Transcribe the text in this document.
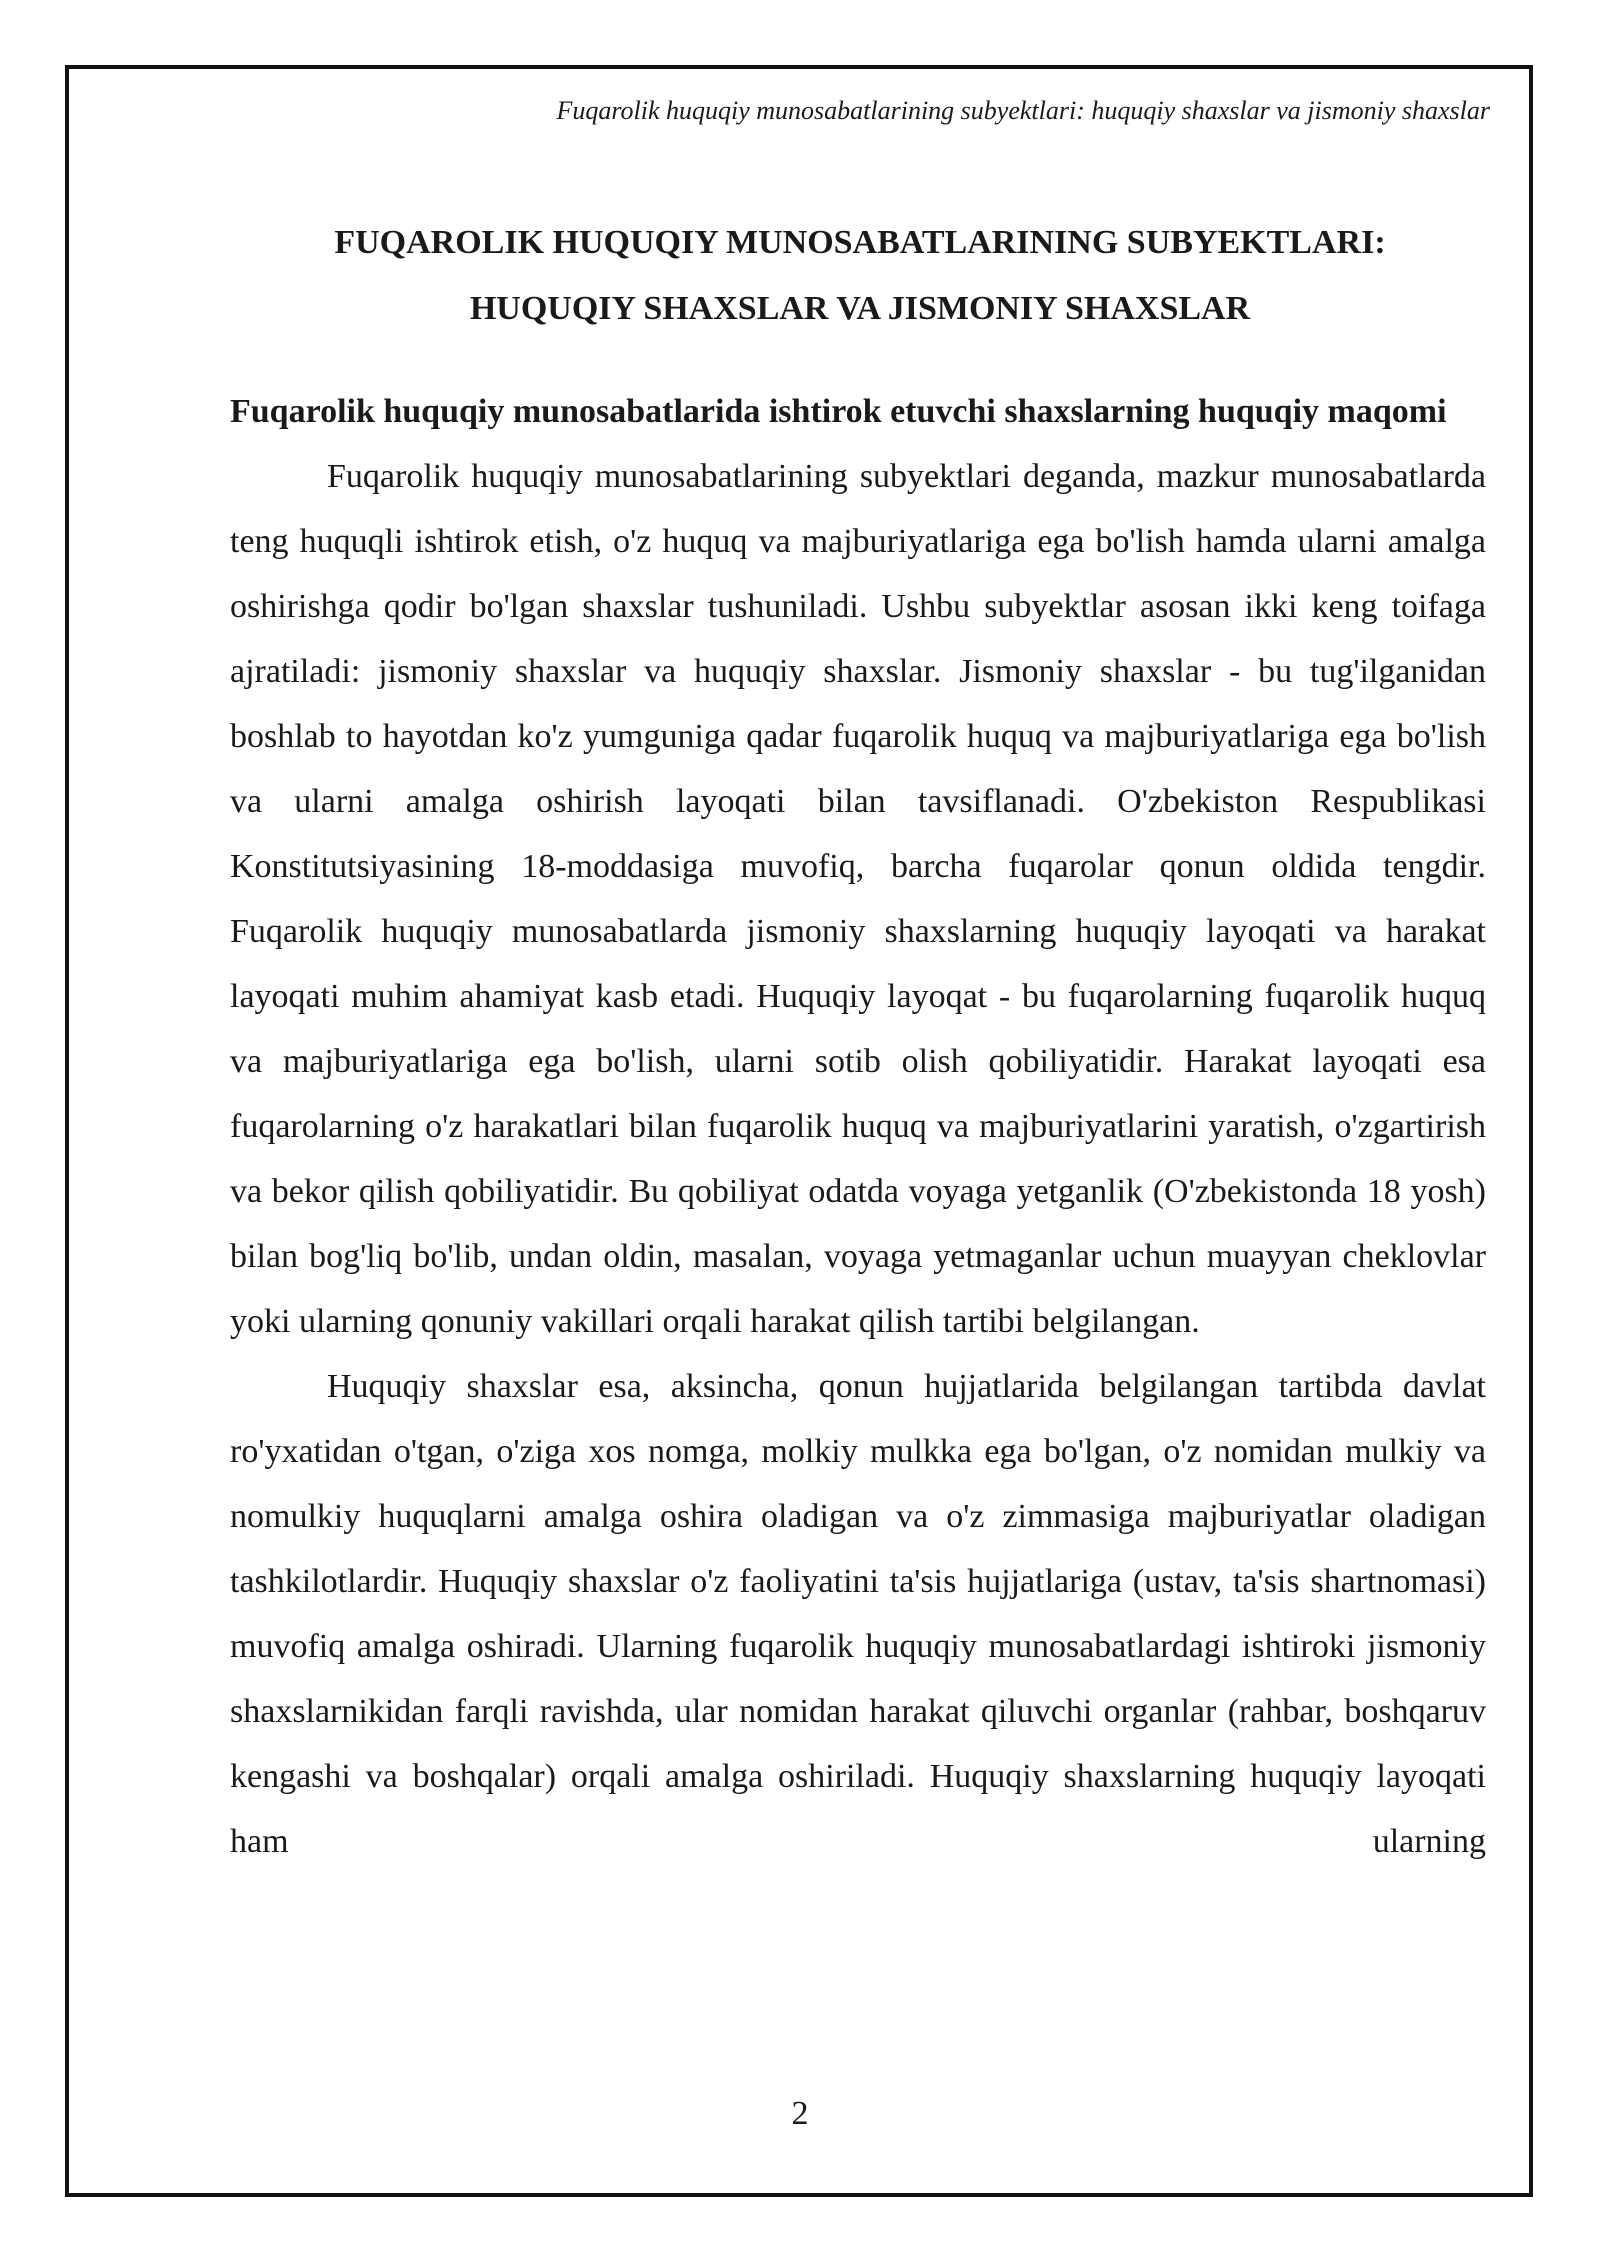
Fuqarolik huquqiy munosabatlarining subyektlari: huquqiy shaxslar va jismoniy shaxslar
FUQAROLIK HUQUQIY MUNOSABATLARINING SUBYEKTLARI:
HUQUQIY SHAXSLAR VA JISMONIY SHAXSLAR

Fuqarolik huquqiy munosabatlarida ishtirok etuvchi shaxslarning huquqiy maqomi

Fuqarolik huquqiy munosabatlarining subyektlari deganda, mazkur munosabatlarda teng huquqli ishtirok etish, o'z huquq va majburiyatlariga ega bo'lish hamda ularni amalga oshirishga qodir bo'lgan shaxslar tushuniladi. Ushbu subyektlar asosan ikki keng toifaga ajratiladi: jismoniy shaxslar va huquqiy shaxslar. Jismoniy shaxslar - bu tug'ilganidan boshlab to hayotdan ko'z yumguniga qadar fuqarolik huquq va majburiyatlariga ega bo'lish va ularni amalga oshirish layoqati bilan tavsiflanadi. O'zbekiston Respublikasi Konstitutsiyasining 18-moddasiga muvofiq, barcha fuqarolar qonun oldida tengdir. Fuqarolik huquqiy munosabatlarda jismoniy shaxslarning huquqiy layoqati va harakat layoqati muhim ahamiyat kasb etadi. Huquqiy layoqat - bu fuqarolarning fuqarolik huquq va majburiyatlariga ega bo'lish, ularni sotib olish qobiliyatidir. Harakat layoqati esa fuqarolarning o'z harakatlari bilan fuqarolik huquq va majburiyatlarini yaratish, o'zgartirish va bekor qilish qobiliyatidir. Bu qobiliyat odatda voyaga yetganlik (O'zbekistonda 18 yosh) bilan bog'liq bo'lib, undan oldin, masalan, voyaga yetmaganlar uchun muayyan cheklovlar yoki ularning qonuniy vakillari orqali harakat qilish tartibi belgilangan.

Huquqiy shaxslar esa, aksincha, qonun hujjatlarida belgilangan tartibda davlat ro'yxatidan o'tgan, o'ziga xos nomga, molkiy mulkka ega bo'lgan, o'z nomidan mulkiy va nomulkiy huquqlarni amalga oshira oladigan va o'z zimmasiga majburiyatlar oladigan tashkilotlardir. Huquqiy shaxslar o'z faoliyatini ta'sis hujjatlariga (ustav, ta'sis shartnomasi) muvofiq amalga oshiradi. Ularning fuqarolik huquqiy munosabatlardagi ishtiroki jismoniy shaxslarnikidan farqli ravishda, ular nomidan harakat qiluvchi organlar (rahbar, boshqaruv kengashi va boshqalar) orqali amalga oshiriladi. Huquqiy shaxslarning huquqiy layoqati ham ularning

2
